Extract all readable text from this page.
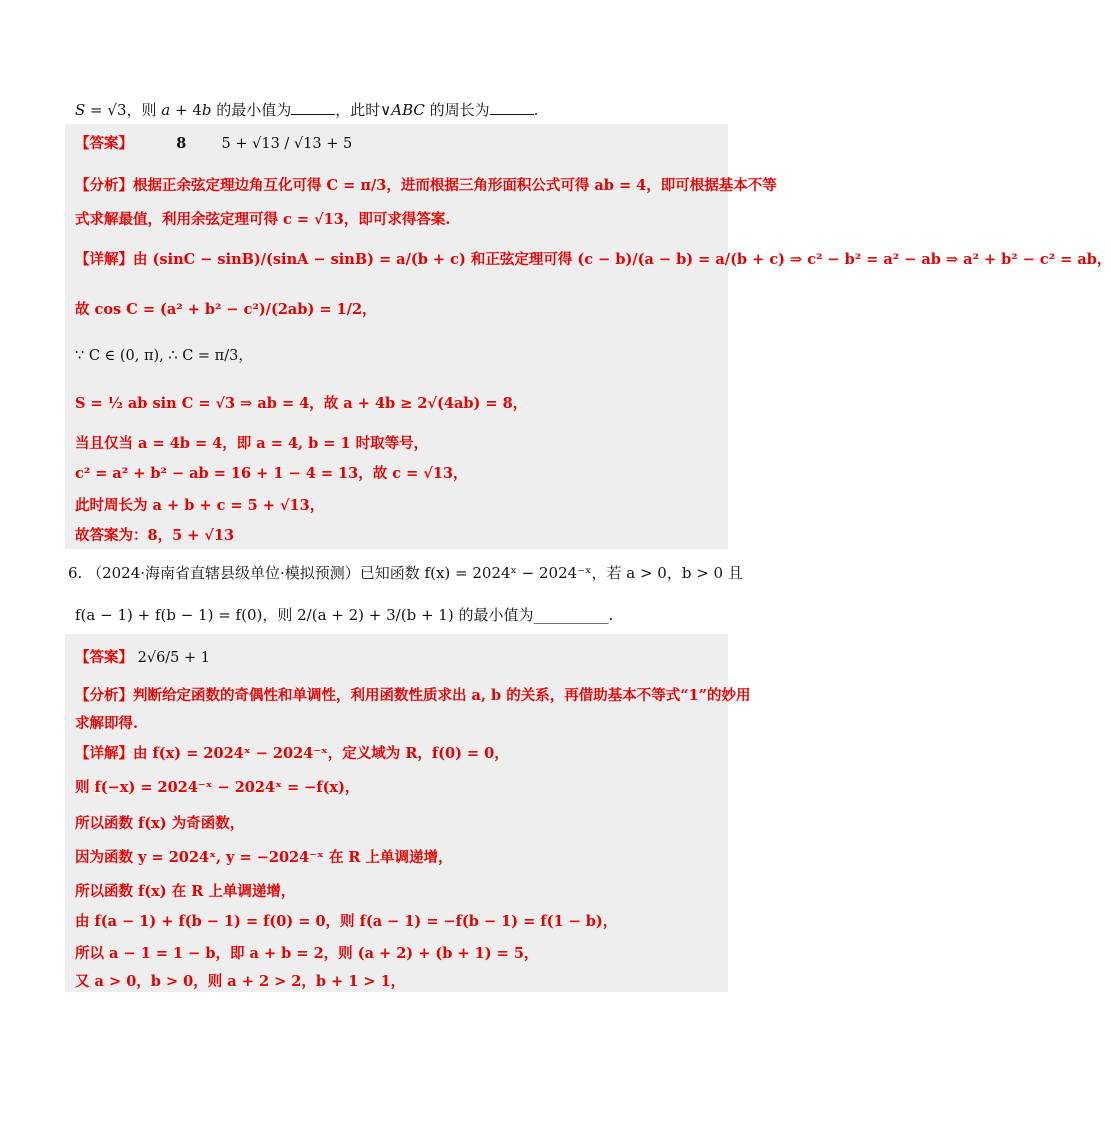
S = √3，则 a + 4b 的最小值为	，此时∨ABC 的周长为	.
【答案】	8 5 + √13 / √13 + 5
【分析】根据正余弦定理边角互化可得 C = π/3，进而根据三角形面积公式可得 ab = 4，即可根据基本不等
式求解最值，利用余弦定理可得 c = √13，即可求得答案.
【详解】由 (sinC − sinB)/(sinA − sinB) = a/(b + c) 和正弦定理可得 (c − b)/(a − b) = a/(b + c) ⇒ c² − b² = a² − ab ⇒ a² + b² − c² = ab，
故 cos C = (a² + b² − c²)/(2ab) = 1/2，
∵ C ∈ (0, π), ∴ C = π/3，
S = ½ ab sin C = √3 ⇒ ab = 4，故 a + 4b ≥ 2√(4ab) = 8，
当且仅当 a = 4b = 4，即 a = 4, b = 1 时取等号，
c² = a² + b² − ab = 16 + 1 − 4 = 13，故 c = √13，
此时周长为 a + b + c = 5 + √13，
故答案为：8，5 + √13
6. （2024·海南省直辖县级单位·模拟预测）已知函数 f(x) = 2024ˣ − 2024⁻ˣ，若 a > 0，b > 0 且
f(a − 1) + f(b − 1) = f(0)，则 2/(a + 2) + 3/(b + 1) 的最小值为__________.
【答案】 2√6/5 + 1
【分析】判断给定函数的奇偶性和单调性，利用函数性质求出 a, b 的关系，再借助基本不等式“1”的妙用
求解即得.
【详解】由 f(x) = 2024ˣ − 2024⁻ˣ，定义域为 R，f(0) = 0，
则 f(−x) = 2024⁻ˣ − 2024ˣ = −f(x)，
所以函数 f(x) 为奇函数，
因为函数 y = 2024ˣ, y = −2024⁻ˣ 在 R 上单调递增，
所以函数 f(x) 在 R 上单调递增，
由 f(a − 1) + f(b − 1) = f(0) = 0，则 f(a − 1) = −f(b − 1) = f(1 − b)，
所以 a − 1 = 1 − b，即 a + b = 2，则 (a + 2) + (b + 1) = 5，
又 a > 0，b > 0，则 a + 2 > 2，b + 1 > 1，
